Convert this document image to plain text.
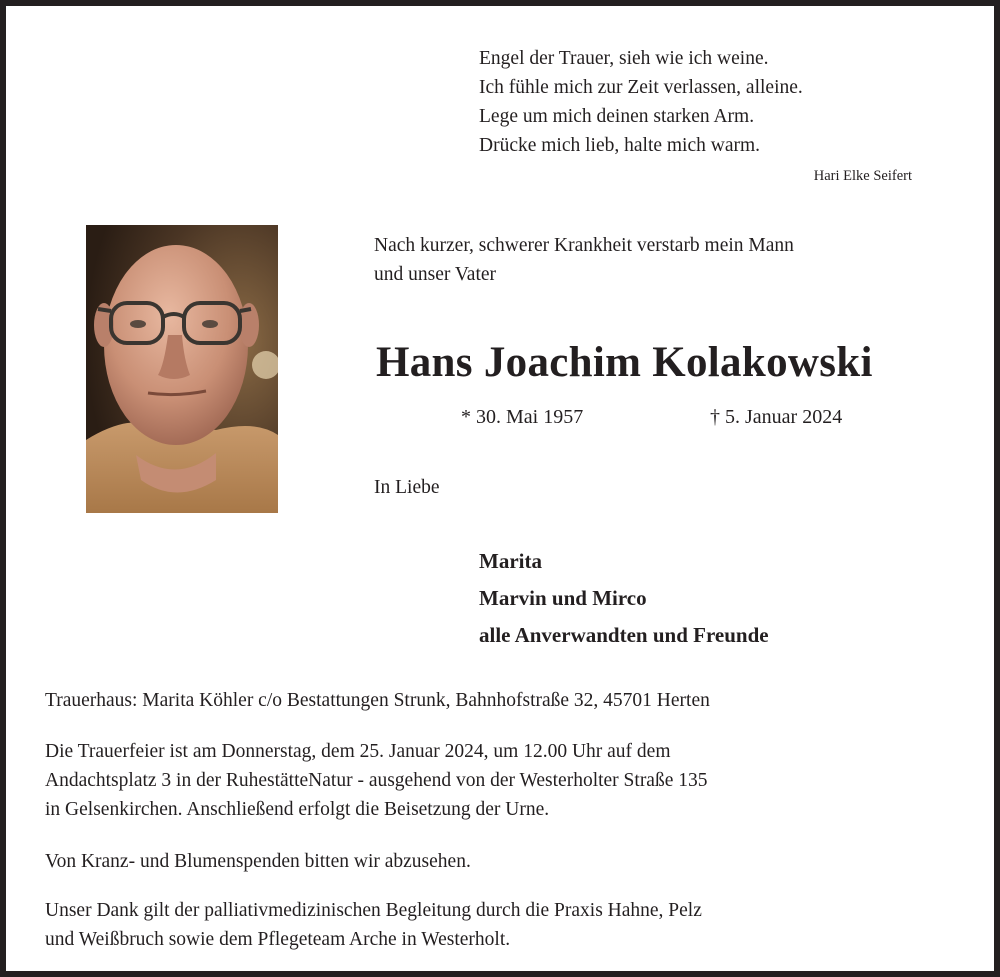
Engel der Trauer, sieh wie ich weine.
Ich fühle mich zur Zeit verlassen, alleine.
Lege um mich deinen starken Arm.
Drücke mich lieb, halte mich warm.
Hari Elke Seifert
Nach kurzer, schwerer Krankheit verstarb mein Mann
und unser Vater
Hans Joachim Kolakowski
* 30. Mai 1957	† 5. Januar 2024
In Liebe
Marita
Marvin und Mirco
alle Anverwandten und Freunde
Trauerhaus: Marita Köhler c/o Bestattungen Strunk, Bahnhofstraße 32, 45701 Herten
Die Trauerfeier ist am Donnerstag, dem 25. Januar 2024, um 12.00 Uhr auf dem
Andachtsplatz 3 in der RuhestätteNatur - ausgehend von der Westerholter Straße 135
in Gelsenkirchen. Anschließend erfolgt die Beisetzung der Urne.
Von Kranz- und Blumenspenden bitten wir abzusehen.
Unser Dank gilt der palliativmedizinischen Begleitung durch die Praxis Hahne, Pelz
und Weißbruch sowie dem Pflegeteam Arche in Westerholt.
